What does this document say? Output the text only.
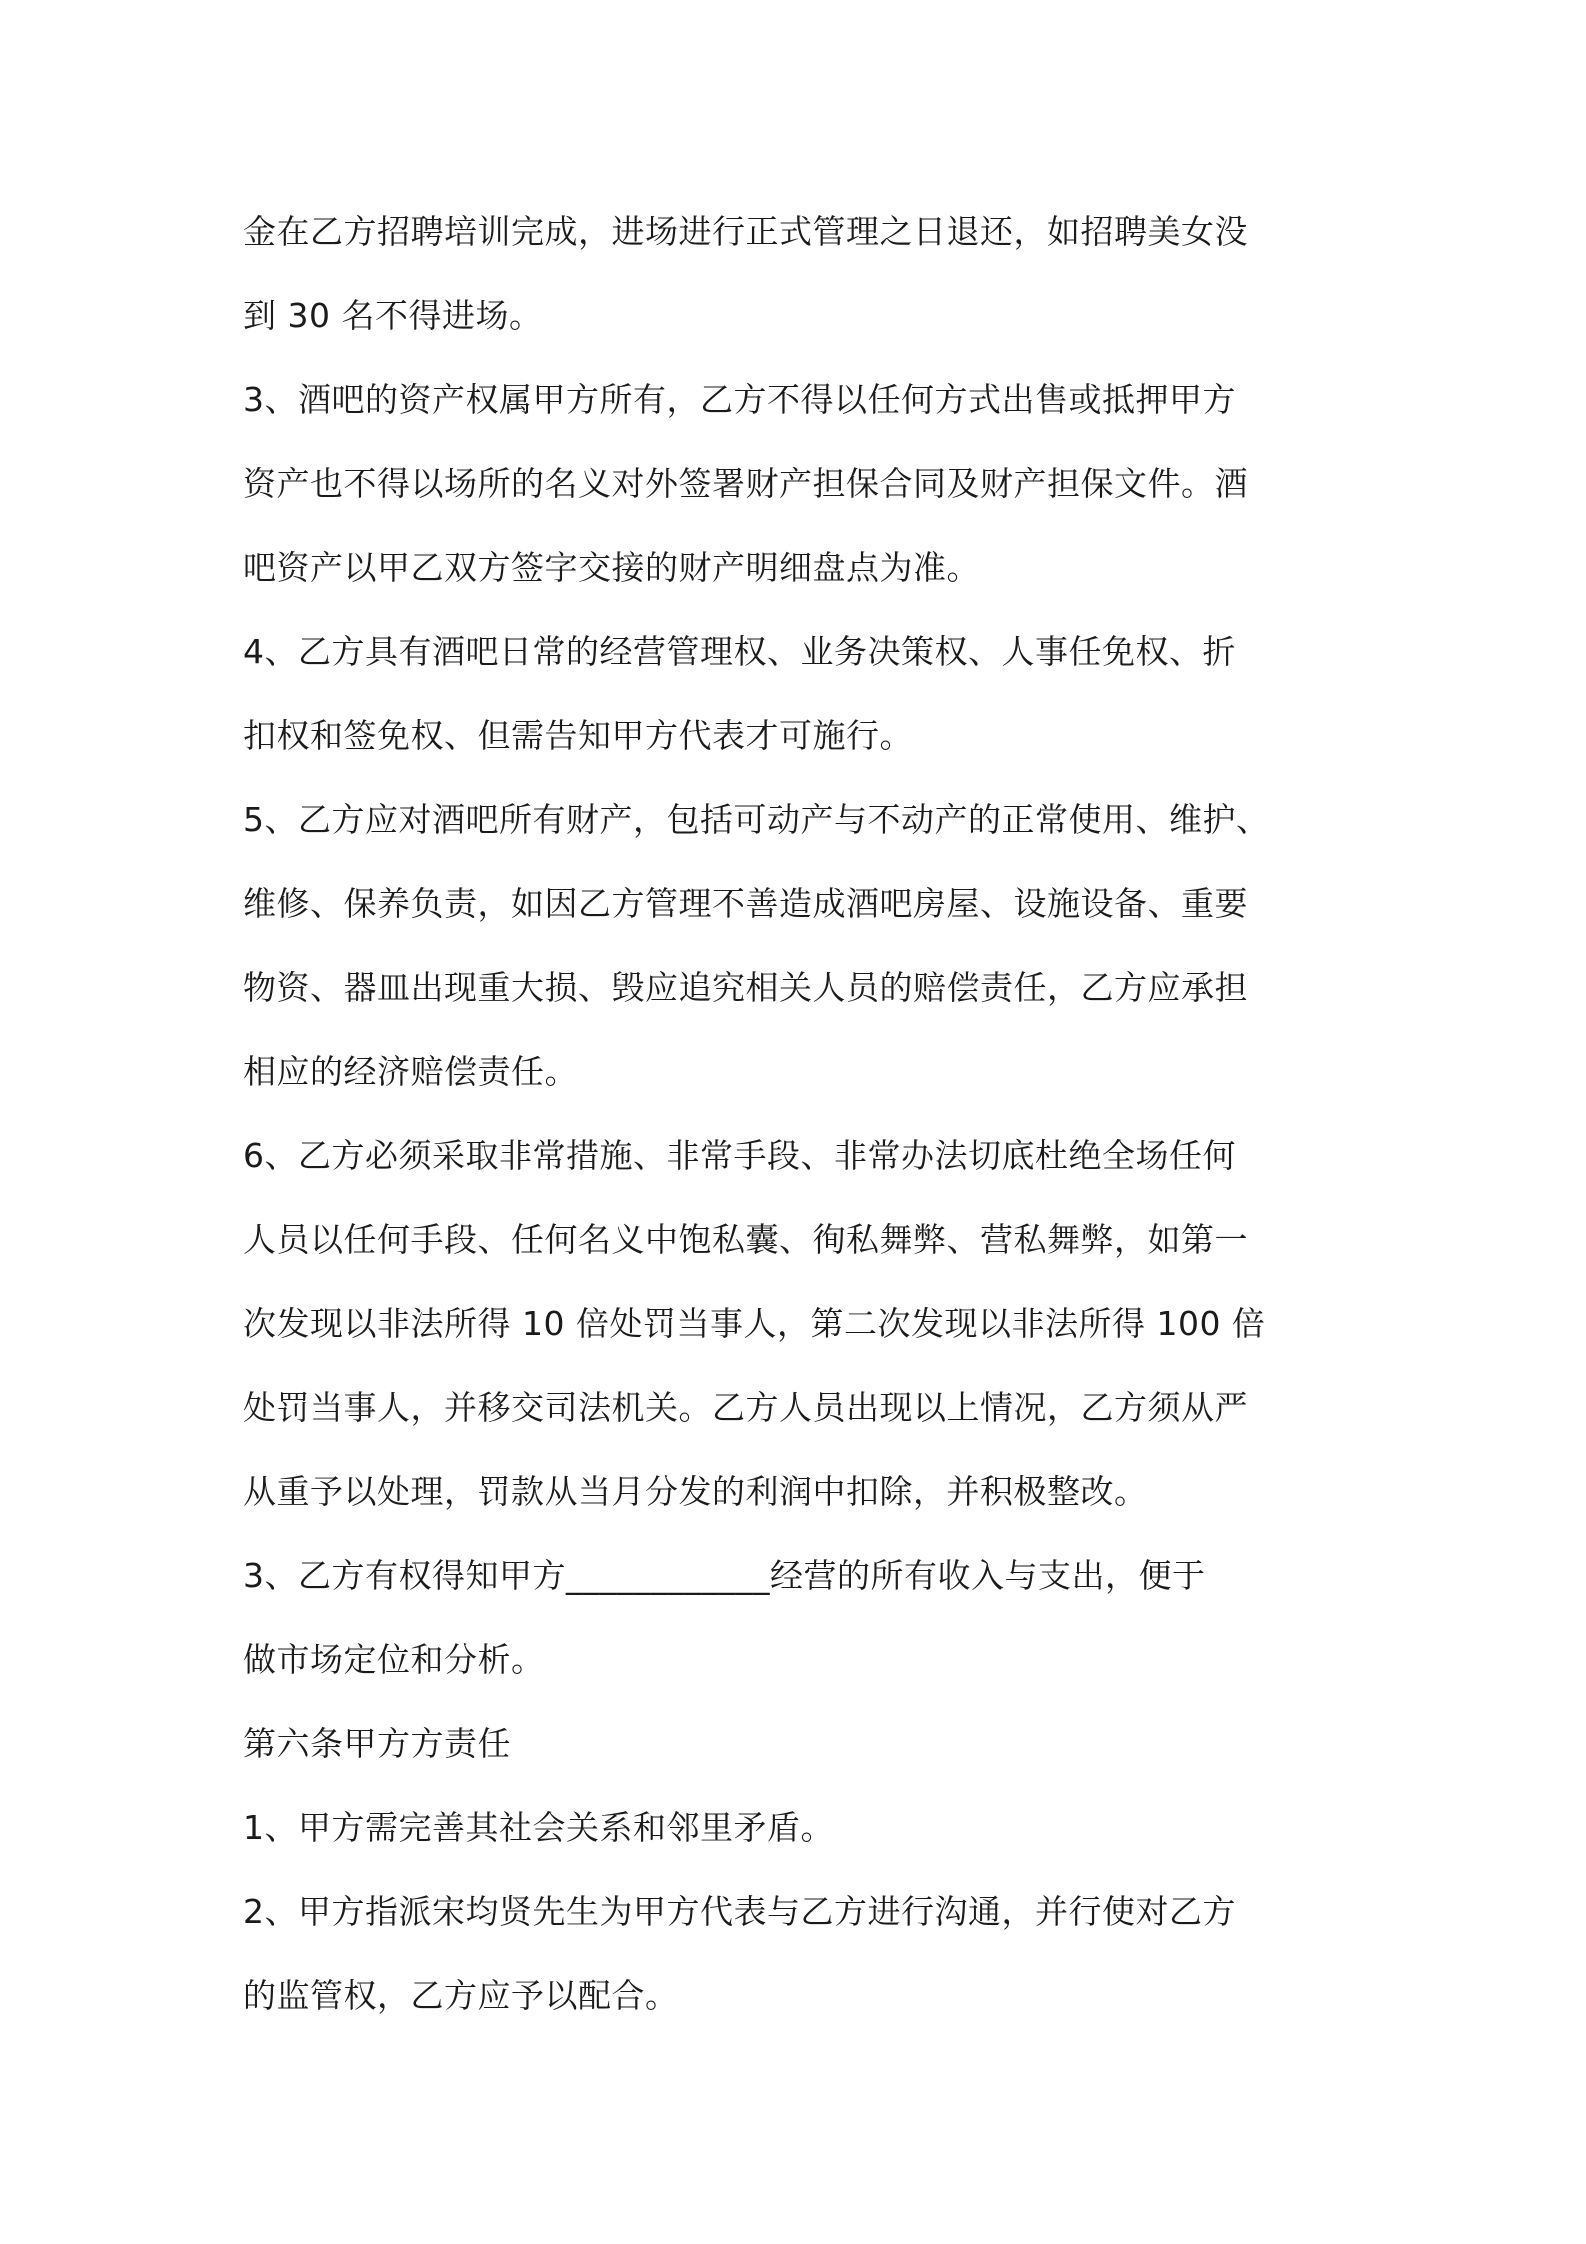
金在乙方招聘培训完成，进场进行正式管理之日退还，如招聘美女没
到 30 名不得进场。
3、酒吧的资产权属甲方所有，乙方不得以任何方式出售或抵押甲方
资产也不得以场所的名义对外签署财产担保合同及财产担保文件。酒
吧资产以甲乙双方签字交接的财产明细盘点为准。
4、乙方具有酒吧日常的经营管理权、业务决策权、人事任免权、折
扣权和签免权、但需告知甲方代表才可施行。
5、乙方应对酒吧所有财产，包括可动产与不动产的正常使用、维护、
维修、保养负责，如因乙方管理不善造成酒吧房屋、设施设备、重要
物资、器皿出现重大损、毁应追究相关人员的赔偿责任，乙方应承担
相应的经济赔偿责任。
6、乙方必须采取非常措施、非常手段、非常办法切底杜绝全场任何
人员以任何手段、任何名义中饱私囊、徇私舞弊、营私舞弊，如第一
次发现以非法所得 10 倍处罚当事人，第二次发现以非法所得 100 倍
处罚当事人，并移交司法机关。乙方人员出现以上情况，乙方须从严
从重予以处理，罚款从当月分发的利润中扣除，并积极整改。
3、乙方有权得知甲方____________经营的所有收入与支出，便于
做市场定位和分析。
第六条甲方方责任
1、甲方需完善其社会关系和邻里矛盾。
2、甲方指派宋均贤先生为甲方代表与乙方进行沟通，并行使对乙方
的监管权，乙方应予以配合。
